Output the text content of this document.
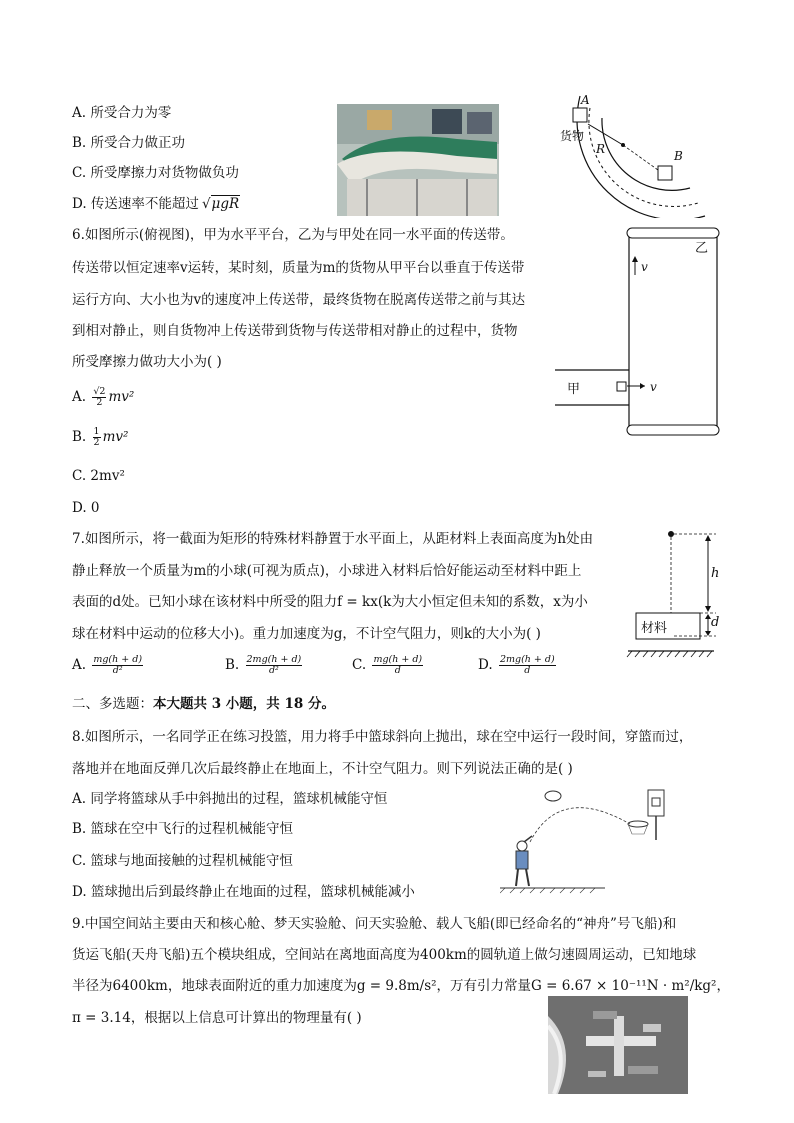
A. 所受合力为零
B. 所受合力做正功
C. 所受摩擦力对货物做负功
D. 传送速率不能超过 √μgR
A
B
R
货物
6.如图所示(俯视图)，甲为水平平台，乙为与甲处在同一水平面的传送带。
传送带以恒定速率v运转，某时刻，质量为m的货物从甲平台以垂直于传送带
运行方向、大小也为v的速度冲上传送带，最终货物在脱离传送带之前与其达
到相对静止，则自货物冲上传送带到货物与传送带相对静止的过程中，货物
所受摩擦力做功大小为( )
A. $\frac{√2}{2} mv^2$
B. $\frac{1}{2} mv^2$
C. 2mv²
D. 0
乙
甲
v
v
7.如图所示，将一截面为矩形的特殊材料静置于水平面上，从距材料上表面高度为h处由
静止释放一个质量为m的小球(可视为质点)，小球进入材料后恰好能运动至材料中距上
表面的d处。已知小球在该材料中所受的阻力f = kx(k为大小恒定但未知的系数，x为小
球在材料中运动的位移大小)。重力加速度为g，不计空气阻力，则k的大小为( )
A. $\frac{mg(h + d)}{\text{d²}}$	B. $\frac{2mg(h + d)}{\text{d²}}$	C. $\frac{mg(h + d)}{d}$	D. $\frac{2mg(h + d)}{d}$
h
d
材料
二、多选题：本大题共 3 小题，共 18 分。
8.如图所示，一名同学正在练习投篮，用力将手中篮球斜向上抛出，球在空中运行一段时间，穿篮而过，
落地并在地面反弹几次后最终静止在地面上，不计空气阻力。则下列说法正确的是( )
A. 同学将篮球从手中斜抛出的过程，篮球机械能守恒
B. 篮球在空中飞行的过程机械能守恒
C. 篮球与地面接触的过程机械能守恒
D. 篮球抛出后到最终静止在地面的过程，篮球机械能减小
9.中国空间站主要由天和核心舱、梦天实验舱、问天实验舱、载人飞船(即已经命名的“神舟”号飞船)和
货运飞船(天舟飞船)五个模块组成，空间站在离地面高度为400km的圆轨道上做匀速圆周运动，已知地球
半径为6400km，地球表面附近的重力加速度为g = 9.8m/s²，万有引力常量G = 6.67 × 10⁻¹¹N · m²/kg²，
π = 3.14，根据以上信息可计算出的物理量有( )
